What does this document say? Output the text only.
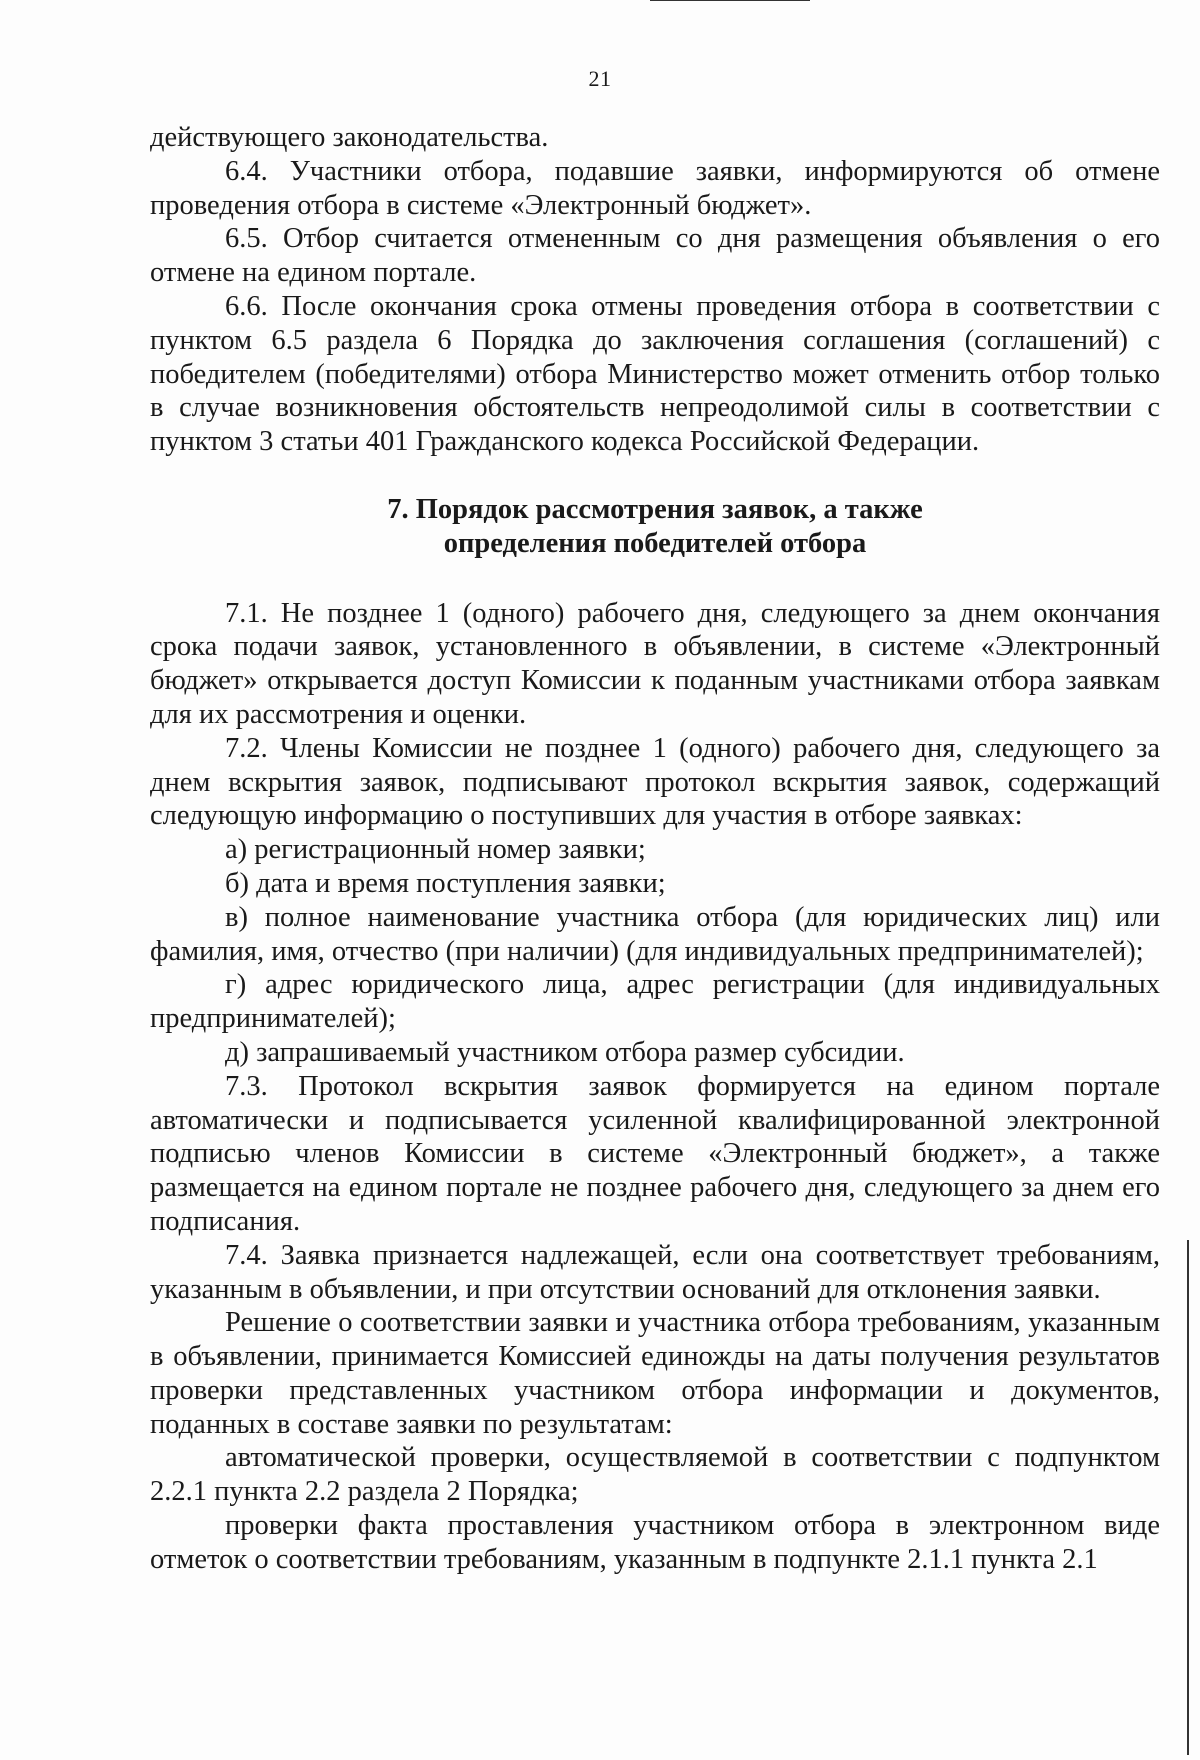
21

действующего законодательства.

6.4. Участники отбора, подавшие заявки, информируются об отмене проведения отбора в системе «Электронный бюджет».

6.5. Отбор считается отмененным со дня размещения объявления о его отмене на едином портале.

6.6. После окончания срока отмены проведения отбора в соответствии с пунктом 6.5 раздела 6 Порядка до заключения соглашения (соглашений) с победителем (победителями) отбора Министерство может отменить отбор только в случае возникновения обстоятельств непреодолимой силы в соответствии с пунктом 3 статьи 401 Гражданского кодекса Российской Федерации.

7. Порядок рассмотрения заявок, а также
определения победителей отбора

7.1. Не позднее 1 (одного) рабочего дня, следующего за днем окончания срока подачи заявок, установленного в объявлении, в системе «Электронный бюджет» открывается доступ Комиссии к поданным участниками отбора заявкам для их рассмотрения и оценки.

7.2. Члены Комиссии не позднее 1 (одного) рабочего дня, следующего за днем вскрытия заявок, подписывают протокол вскрытия заявок, содержащий следующую информацию о поступивших для участия в отборе заявках:

а) регистрационный номер заявки;

б) дата и время поступления заявки;

в) полное наименование участника отбора (для юридических лиц) или фамилия, имя, отчество (при наличии) (для индивидуальных предпринимателей);

г) адрес юридического лица, адрес регистрации (для индивидуальных предпринимателей);

д) запрашиваемый участником отбора размер субсидии.

7.3. Протокол вскрытия заявок формируется на едином портале автоматически и подписывается усиленной квалифицированной электронной подписью членов Комиссии в системе «Электронный бюджет», а также размещается на едином портале не позднее рабочего дня, следующего за днем его подписания.

7.4. Заявка признается надлежащей, если она соответствует требованиям, указанным в объявлении, и при отсутствии оснований для отклонения заявки.

Решение о соответствии заявки и участника отбора требованиям, указанным в объявлении, принимается Комиссией единожды на даты получения результатов проверки представленных участником отбора информации и документов, поданных в составе заявки по результатам:

автоматической проверки, осуществляемой в соответствии с подпунктом 2.2.1 пункта 2.2 раздела 2 Порядка;

проверки факта проставления участником отбора в электронном виде отметок о соответствии требованиям, указанным в подпункте 2.1.1 пункта 2.1
